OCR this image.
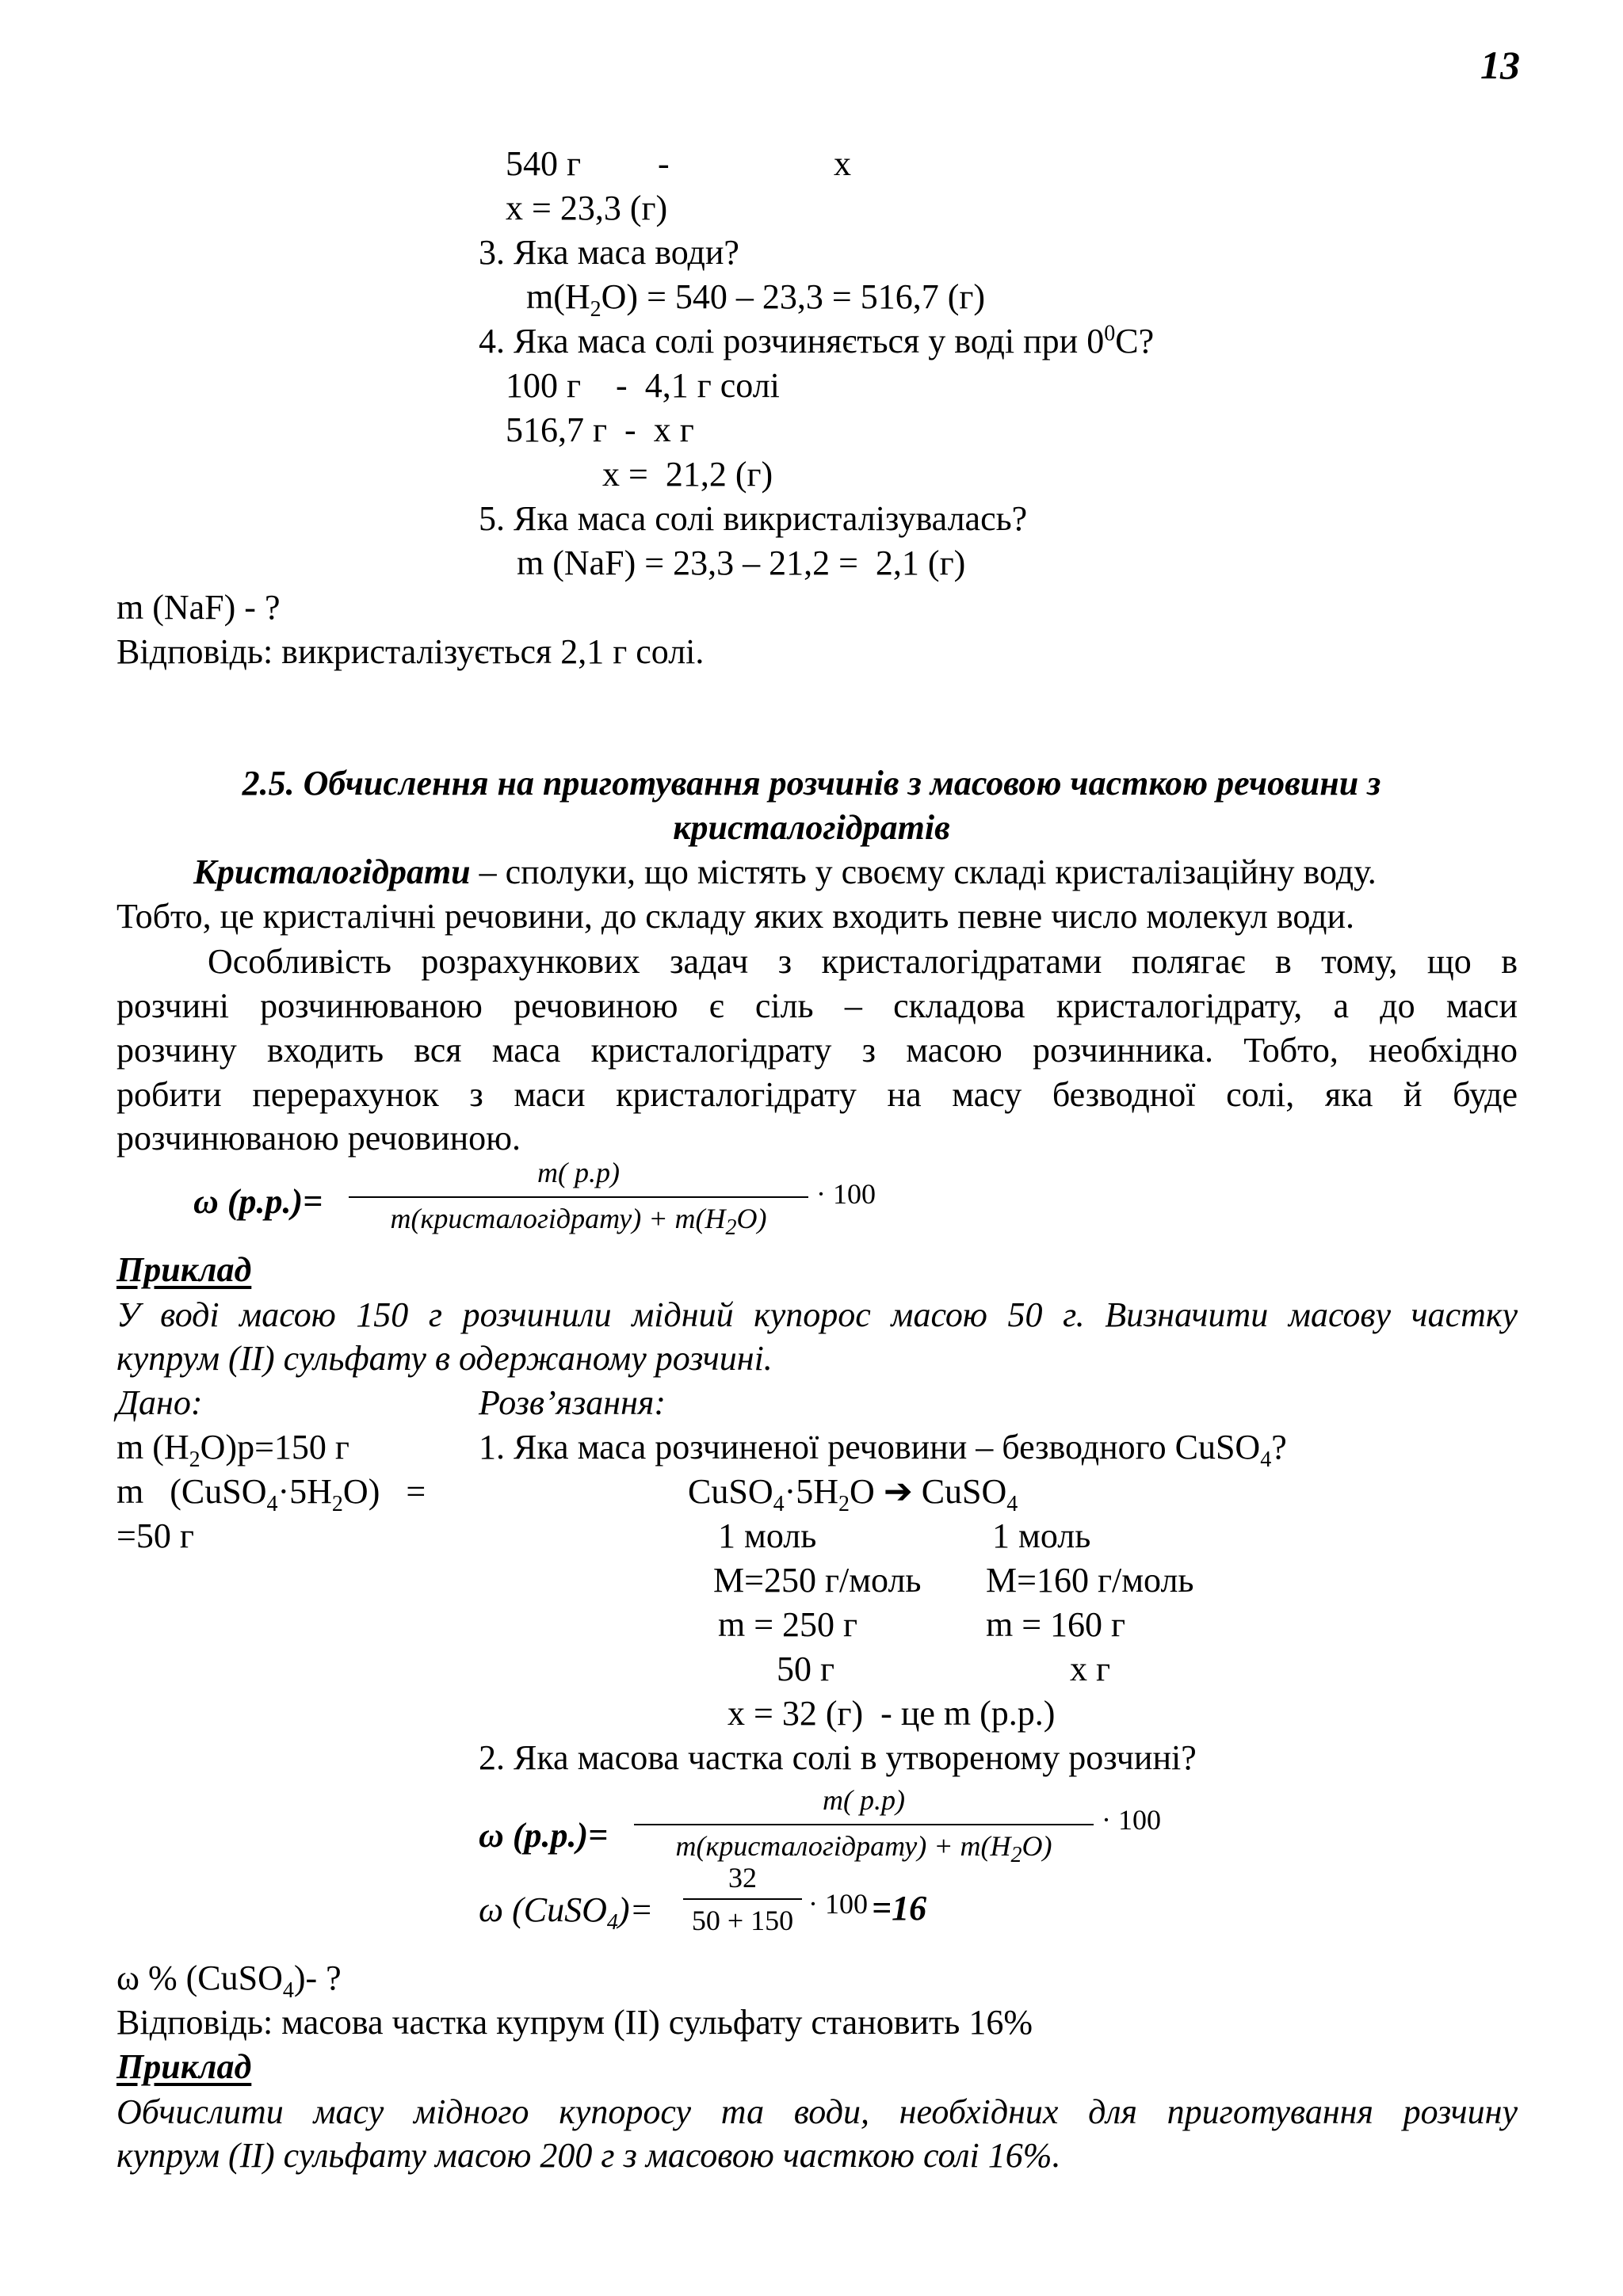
13
540 г -	x
x = 23,3 (г)
3. Яка маса води?
$m(H_2O) = 540 - 23,3 = 516,7$ (г)
4. Яка маса солі розчиняється у воді при $0^0С$?
100 г    -  4,1 г солі
516,7 г  -  x г
x =  21,2 (г)
5. Яка маса солі викристалізувалась?
m (NaF) = 23,3 – 21,2 =  2,1 (г)
m (NaF) - ?
Відповідь: викристалізується 2,1 г солі.
2.5. Обчислення на приготування розчинів з масовою часткою речовини з
кристалогідратів
Кристалогідрати – сполуки, що містять у своєму складі кристалізаційну воду.
Тобто, це кристалічні речовини, до складу яких входить певне число молекул води.
Особливість розрахункових задач з кристалогідратами полягає в тому, що в
розчині розчинюваною речовиною є сіль – складова кристалогідрату, а до маси
розчину входить вся маса кристалогідрату з масою розчинника. Тобто, необхідно
робити перерахунок з маси кристалогідрату на масу безводної солі, яка й буде
розчинюваною речовиною.
ω (р.р.)=
m( p.p)
m(кристалогідрату) + $m(H_2O)$
· 100
Приклад
У воді масою 150 г розчинили мідний купорос масою 50 г. Визначити масову частку
купрум (ІІ) сульфату в одержаному розчині.
Дано:	Розв’язання:
m $(H_2O)р=150$ г
m   $(CuSO_4\cdot 5H_2O)$   =
=50 г
1. Яка маса розчиненої речовини – безводного CuSO$_4$?
$CuSO_4\cdot 5H_2O$ ➔ CuSO$_4$
1 моль	1 моль
M=250 г/моль M=160 г/моль
m = 250 г	m = 160 г
50 г	x г
x = 32 (г)  - це m (р.р.)
2. Яка масова частка солі в утвореному розчині?
ω (р.р.)=
m( p.p)
m(кристалогідрату) + $m(H_2O)$
· 100
ω (CuSO$_4$)=
32
50 + 150
· 100 =16
ω % (CuSO$_4$)- ?
Відповідь: масова частка купрум (ІІ) сульфату становить 16%
Приклад
Обчислити масу мідного купоросу та води, необхідних для приготування розчину
купрум (ІІ) сульфату масою 200 г з масовою часткою солі 16%.
